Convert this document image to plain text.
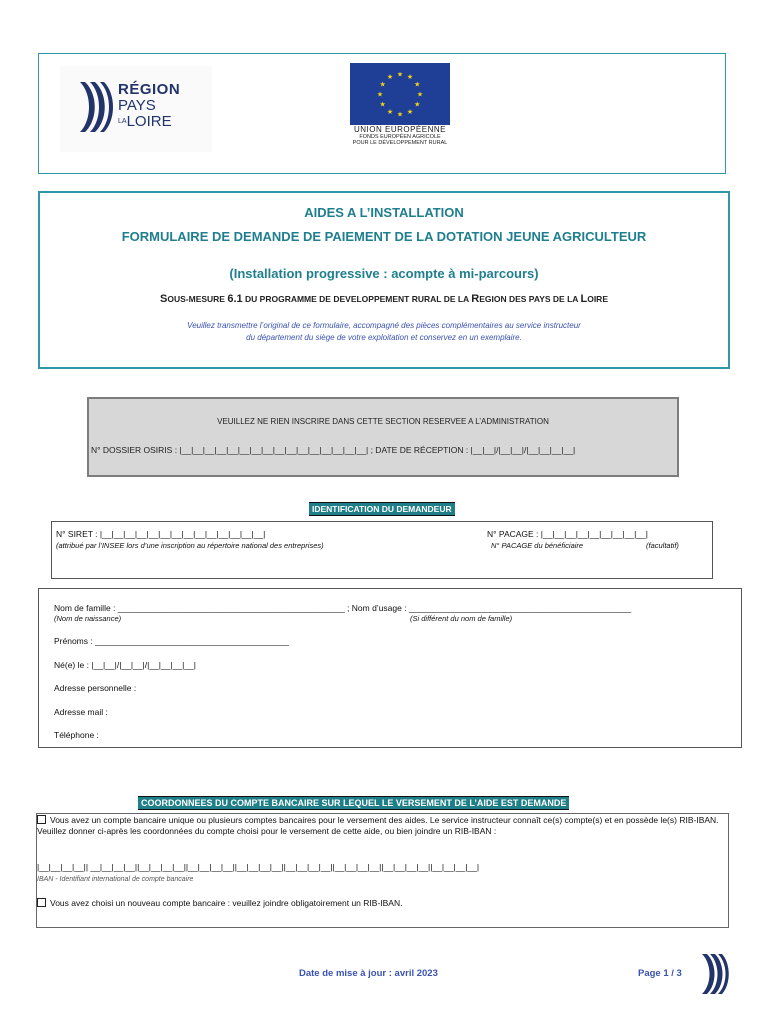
RÉGION
PAYS
$^{LA}$LOIRE
★
★
★
★
★
★
★
★
★ ★ ★
★
UNION EUROPÉENNE
FONDS EUROPÉEN AGRICOLE
POUR LE DÉVELOPPEMENT RURAL
AIDES A L’INSTALLATION
FORMULAIRE DE DEMANDE DE PAIEMENT DE LA DOTATION JEUNE AGRICULTEUR
(Installation progressive : acompte à mi-parcours)
SOUS-MESURE 6.1 DU PROGRAMME DE DEVELOPPEMENT RURAL DE LA REGION DES PAYS DE LA LOIRE
Veuillez transmettre l’original de ce formulaire, accompagné des pièces complémentaires au service instructeur
du département du siège de votre exploitation et conservez en un exemplaire.
VEUILLEZ NE RIEN INSCRIRE DANS CETTE SECTION RESERVEE A L’ADMINISTRATION
N° DOSSIER OSIRIS : |__|__|__|__|__|__|__|__|__|__|__|__|__|__|__|__| ; DATE DE RÉCEPTION : |__|__|/|__|__|/|__|__|__|__|
IDENTIFICATION DU DEMANDEUR
N° SIRET : |__|__|__|__|__|__|__|__|__|__|__|__|__|__|
(attribué par l’INSEE lors d’une inscription au répertoire national des entreprises)
N° PACAGE : |__|__|__|__|__|__|__|__|__|
N° PACAGE du bénéficiaire	(facultatif)
Nom de famille : ________________________________________________ ; Nom d’usage : _______________________________________________
(Nom de naissance)	(Si différent du nom de famille)
Prénoms : _________________________________________
Né(e) le : |__|__|/|__|__|/|__|__|__|__|
Adresse personnelle :
Adresse mail :
Téléphone :
COORDONNEES DU COMPTE BANCAIRE SUR LEQUEL LE VERSEMENT DE L’AIDE EST DEMANDE
Vous avez un compte bancaire unique ou plusieurs comptes bancaires pour le versement des aides. Le service instructeur connaît ce(s) compte(s) et en possède le(s) RIB-IBAN. Veuillez donner ci-après les coordonnées du compte choisi pour le versement de cette aide, ou bien joindre un RIB-IBAN :
|__|__|__|__|| __|__|__|__||__|__|__|__||__|__|__|__||__|__|__|__||__|__|__|__||__|__|__|__||__|__|__|__||__|__|__|__|
IBAN - Identifiant international de compte bancaire
Vous avez choisi un nouveau compte bancaire : veuillez joindre obligatoirement un RIB-IBAN.
Date de mise à jour : avril 2023	Page 1 / 3
